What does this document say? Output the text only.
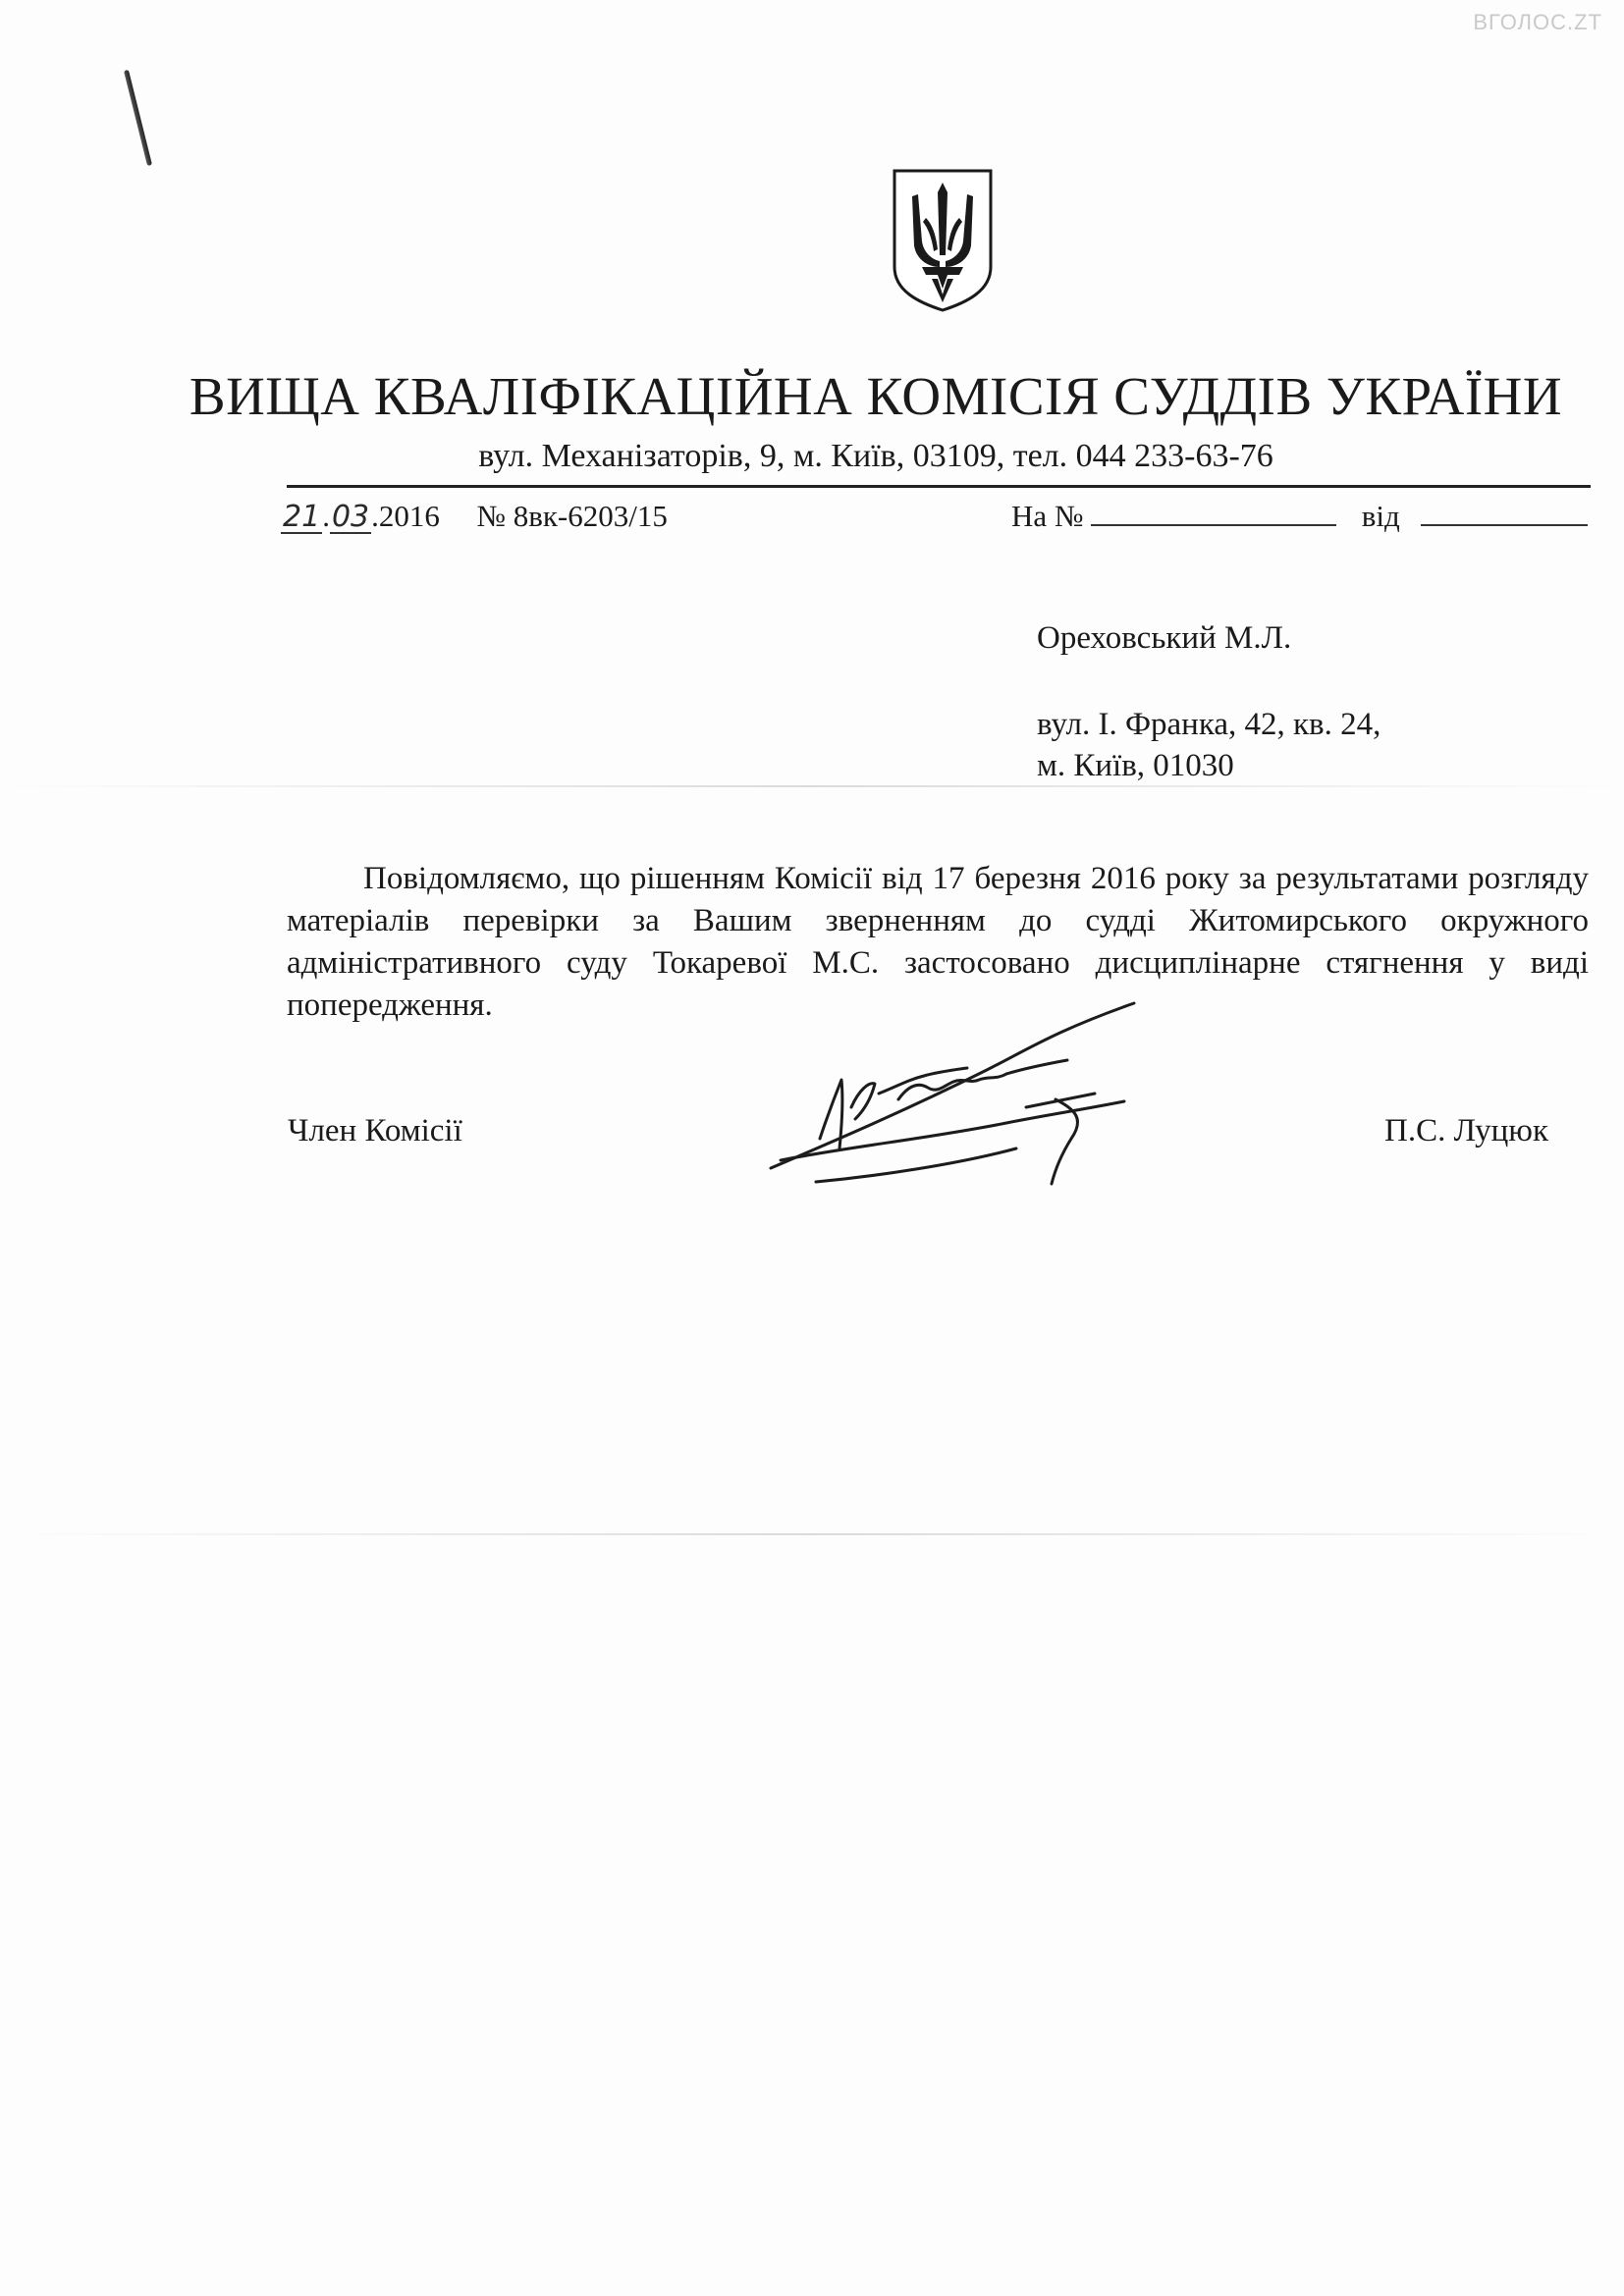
ВГОЛОС.ZT
ВИЩА КВАЛІФІКАЦІЙНА КОМІСІЯ СУДДІВ УКРАЇНИ
вул. Механізаторів, 9, м. Київ, 03109, тел. 044 233-63-76
21.03.2016 № 8вк-6203/15	На №	від
Ореховський М.Л.
вул. І. Франка, 42, кв. 24,
м. Київ, 01030

Повідомляємо, що рішенням Комісії від 17 березня 2016 року за результатами розгляду матеріалів перевірки за Вашим зверненням до судді Житомирського окружного адміністративного суду Токаревої М.С. застосовано дисциплінарне стягнення у виді попередження.

Член Комісії	П.С. Луцюк
